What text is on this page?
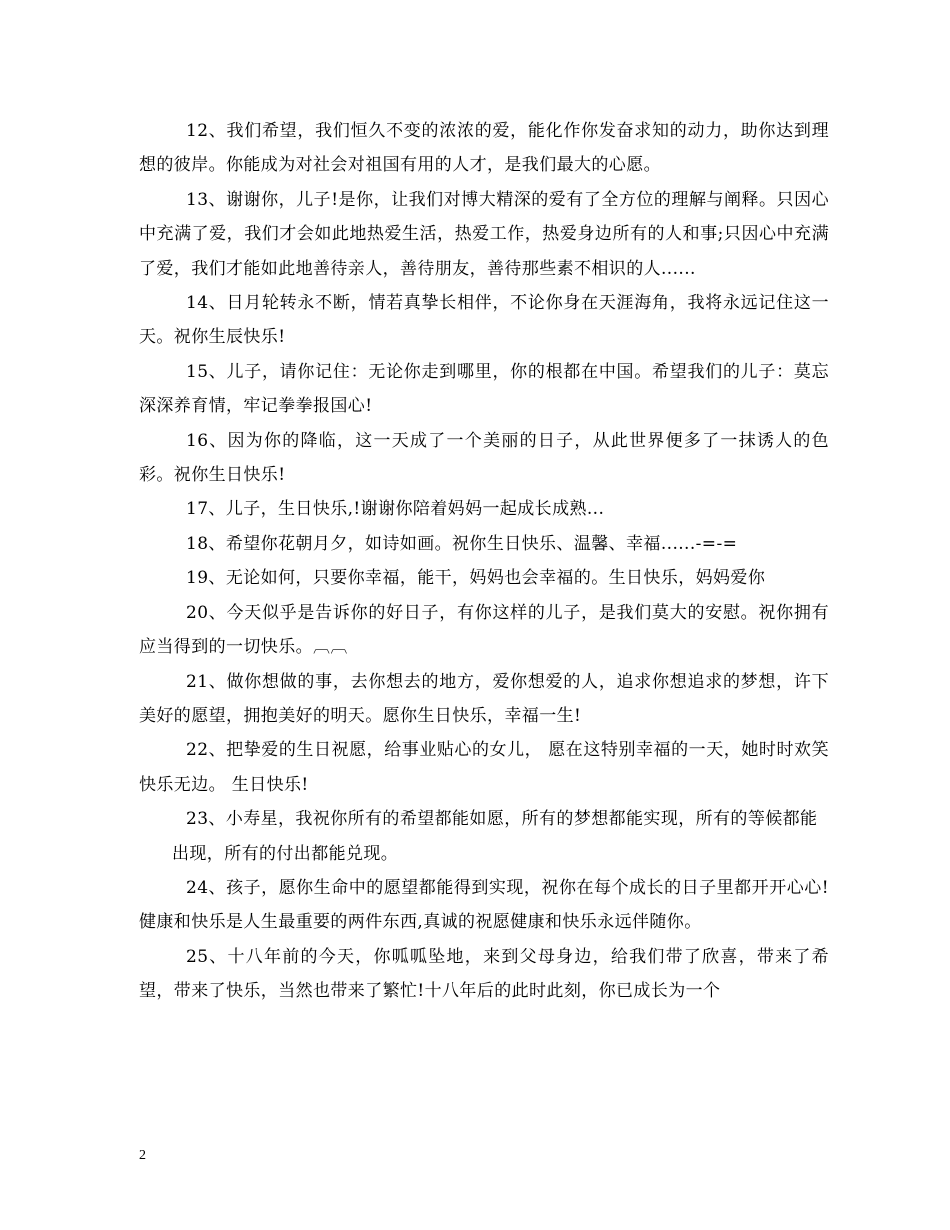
12、我们希望，我们恒久不变的浓浓的爱，能化作你发奋求知的动力，助你达到理想的彼岸。你能成为对社会对祖国有用的人才，是我们最大的心愿。

13、谢谢你，儿子!是你，让我们对博大精深的爱有了全方位的理解与阐释。只因心中充满了爱，我们才会如此地热爱生活，热爱工作，热爱身边所有的人和事;只因心中充满了爱，我们才能如此地善待亲人，善待朋友，善待那些素不相识的人......

14、日月轮转永不断，情若真挚长相伴，不论你身在天涯海角，我将永远记住这一天。祝你生辰快乐!

15、儿子，请你记住：无论你走到哪里，你的根都在中国。希望我们的儿子：莫忘深深养育情，牢记拳拳报国心!

16、因为你的降临，这一天成了一个美丽的日子，从此世界便多了一抹诱人的色彩。祝你生日快乐!

17、儿子，生日快乐,!谢谢你陪着妈妈一起成长成熟...

18、希望你花朝月夕，如诗如画。祝你生日快乐、温馨、幸福......-=-=

19、无论如何，只要你幸福，能干，妈妈也会幸福的。生日快乐，妈妈爱你

20、今天似乎是告诉你的好日子，有你这样的儿子，是我们莫大的安慰。祝你拥有应当得到的一切快乐。︹︹

21、做你想做的事，去你想去的地方，爱你想爱的人，追求你想追求的梦想，许下美好的愿望，拥抱美好的明天。愿你生日快乐，幸福一生!

22、把挚爱的生日祝愿，给事业贴心的女儿， 愿在这特别幸福的一天，她时时欢笑快乐无边。 生日快乐!

23、小寿星，我祝你所有的希望都能如愿，所有的梦想都能实现，所有的等候都能

出现，所有的付出都能兑现。

24、孩子，愿你生命中的愿望都能得到实现，祝你在每个成长的日子里都开开心心!健康和快乐是人生最重要的两件东西,真诚的祝愿健康和快乐永远伴随你。

25、十八年前的今天，你呱呱坠地，来到父母身边，给我们带了欣喜，带来了希望，带来了快乐，当然也带来了繁忙!十八年后的此时此刻，你已成长为一个

2
